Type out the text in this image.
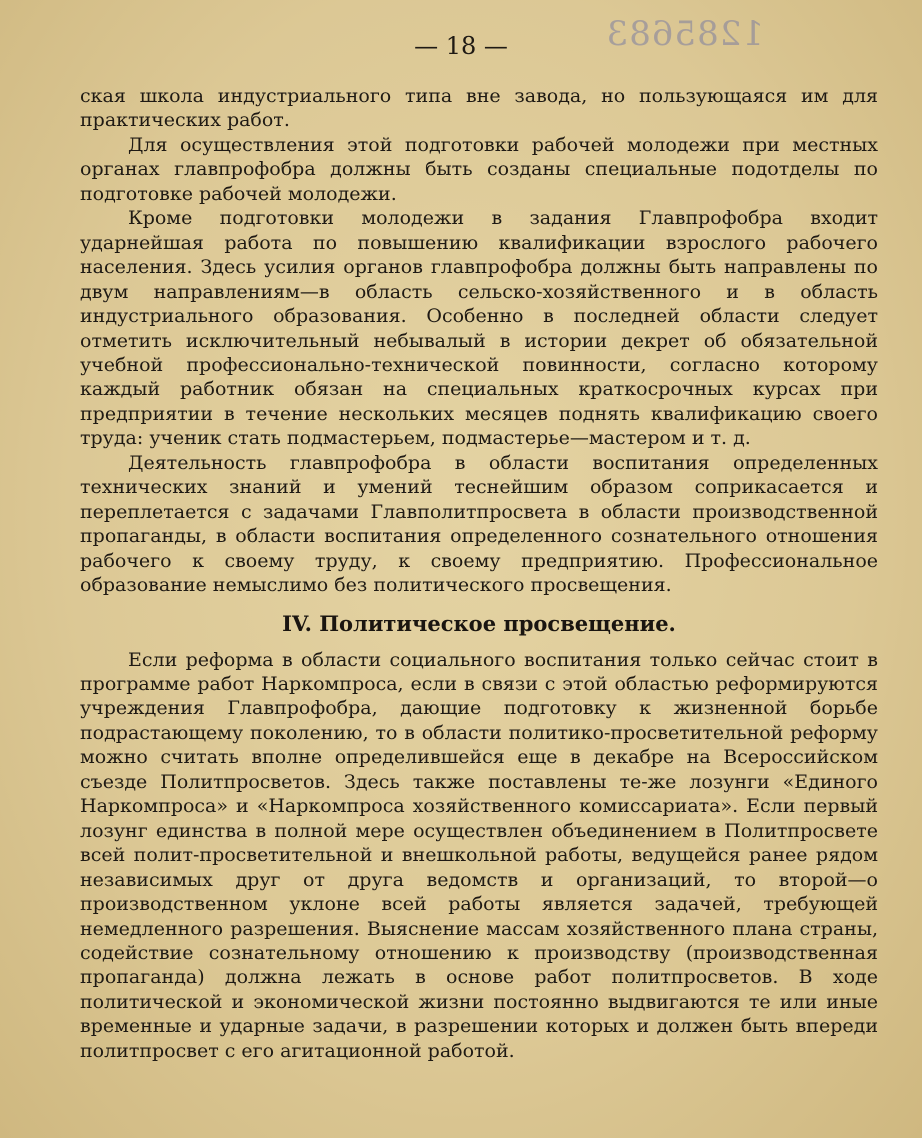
1285683
— 18 —

ская школа индустриального типа вне завода, но пользующаяся им для практических работ.

Для осуществления этой подготовки рабочей молодежи при местных органах главпрофобра должны быть созданы специальные подотделы по подготовке рабочей молодежи.

Кроме подготовки молодежи в задания Главпрофобра входит ударнейшая работа по повышению квалификации взрослого рабочего населения. Здесь усилия органов главпрофобра должны быть направлены по двум направлениям—в область сельско-хозяйственного и в область индустриального образования. Особенно в последней области следует отметить исключительный небывалый в истории декрет об обязательной учебной профессионально-технической повинности, согласно которому каждый работник обязан на специальных краткосрочных курсах при предприятии в течение нескольких месяцев поднять квалификацию своего труда: ученик стать подмастерьем, подмастерье—мастером и т. д.

Деятельность главпрофобра в области воспитания определенных технических знаний и умений теснейшим образом соприкасается и переплетается с задачами Главполитпросвета в области производственной пропаганды, в области воспитания определенного сознательного отношения рабочего к своему труду, к своему предприятию. Профессиональное образование немыслимо без политического просвещения.

IV. Политическое просвещение.

Если реформа в области социального воспитания только сейчас стоит в программе работ Наркомпроса, если в связи с этой областью реформируются учреждения Главпрофобра, дающие подготовку к жизненной борьбе подрастающему поколению, то в области политико-просветительной реформу можно считать вполне определившейся еще в декабре на Всероссийском съезде Политпросветов. Здесь также поставлены те-же лозунги «Единого Наркомпроса» и «Наркомпроса хозяйственного комиссариата». Если первый лозунг единства в полной мере осуществлен объединением в Политпросвете всей полит-просветительной и внешкольной работы, ведущейся ранее рядом независимых друг от друга ведомств и организаций, то второй—о производственном уклоне всей работы является задачей, требующей немедленного разрешения. Выяснение массам хозяйственного плана страны, содействие сознательному отношению к производству (производственная пропаганда) должна лежать в основе работ политпросветов. В ходе политической и экономической жизни постоянно выдвигаются те или иные временные и ударные задачи, в разрешении которых и должен быть впереди политпросвет с его агитационной работой.
